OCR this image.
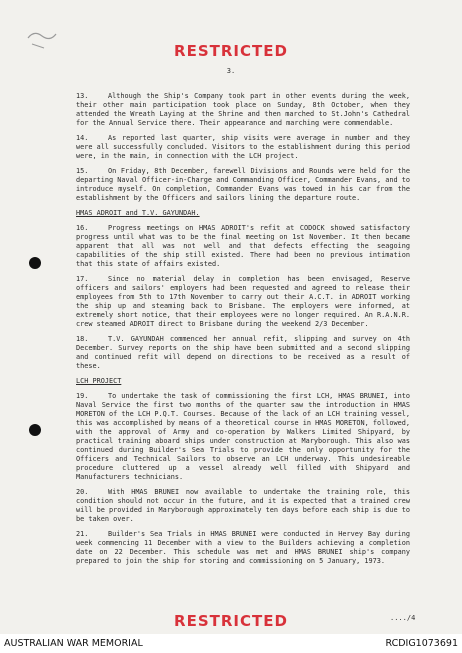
RESTRICTED
3.
13.	Although the Ship's Company took part in other events during the week, their other main participation took place on Sunday, 8th October, when they attended the Wreath Laying at the Shrine and then marched to St.John's Cathedral for the Annual Service there. Their appearance and marching were commendable.
14.	As reported last quarter, ship visits were average in number and they were all successfully concluded. Visitors to the establishment during this period were, in the main, in connection with the LCH project.
15.	On Friday, 8th December, farewell Divisions and Rounds were held for the departing Naval Officer-in-Charge and Commanding Officer, Commander Evans, and to introduce myself. On completion, Commander Evans was towed in his car from the establishment by the Officers and sailors lining the departure route.
HMAS ADROIT and T.V. GAYUNDAH.
16.	Progress meetings on HMAS ADROIT's refit at CODOCK showed satisfactory progress until what was to be the final meeting on 1st November. It then became apparent that all was not well and that defects effecting the seagoing capabilities of the ship still existed. There had been no previous intimation that this state of affairs existed.
17.	Since no material delay in completion has been envisaged, Reserve officers and sailors' employers had been requested and agreed to release their employees from 5th to 17th November to carry out their A.C.T. in ADROIT working the ship up and steaming back to Brisbane. The employers were informed, at extremely short notice, that their employees were no longer required. An R.A.N.R. crew steamed ADROIT direct to Brisbane during the weekend 2/3 December.
18.	T.V. GAYUNDAH commenced her annual refit, slipping and survey on 4th December. Survey reports on the ship have been submitted and a second slipping and continued refit will depend on directions to be received as a result of these.
LCH PROJECT
19.	To undertake the task of commissioning the first LCH, HMAS BRUNEI, into Naval Service the first two months of the quarter saw the introduction in HMAS MORETON of the LCH P.Q.T. Courses. Because of the lack of an LCH training vessel, this was accomplished by means of a theoretical course in HMAS MORETON, followed, with the approval of Army and co-operation by Walkers Limited Shipyard, by practical training aboard ships under construction at Maryborough. This also was continued during Builder's Sea Trials to provide the only opportunity for the Officers and Technical Sailors to observe an LCH underway. This undesireable procedure cluttered up a vessel already well filled with Shipyard and Manufacturers technicians.
20.	With HMAS BRUNEI now available to undertake the training role, this condition should not occur in the future, and it is expected that a trained crew will be provided in Maryborough approximately ten days before each ship is due to be taken over.
21.	Builder's Sea Trials in HMAS BRUNEI were conducted in Hervey Bay during week commencing 11 December with a view to the Builders achieving a completion date on 22 December. This schedule was met and HMAS BRUNEI ship's company prepared to join the ship for storing and commissioning on 5 January, 1973.
RESTRICTED	..../4
AUSTRALIAN WAR MEMORIAL	RCDIG1073691
